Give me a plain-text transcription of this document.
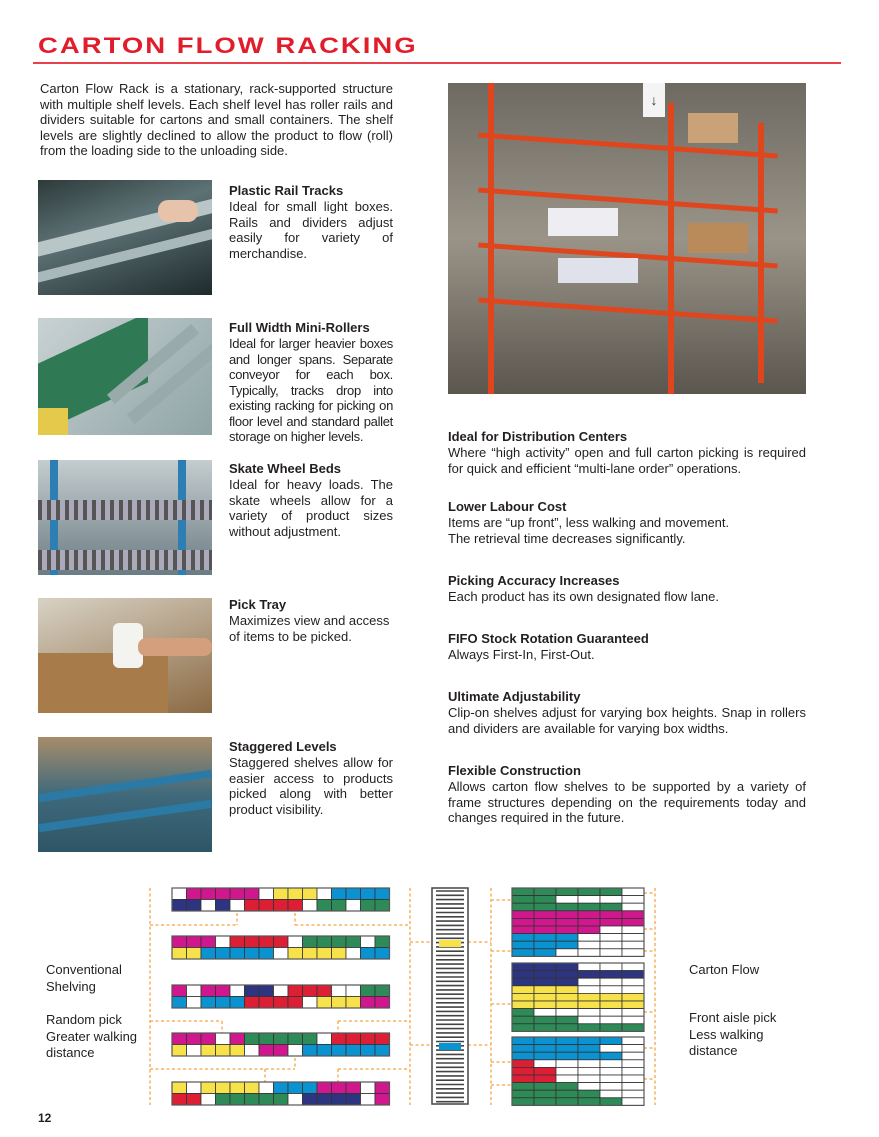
CARTON FLOW RACKING
Carton Flow Rack is a stationary, rack-supported structure with multiple shelf levels. Each shelf level has roller rails and dividers suitable for cartons and small containers. The shelf levels are slightly declined to allow the product to flow (roll) from the loading side to the unloading side.
Plastic Rail Tracks

Ideal for small light boxes. Rails and dividers adjust easily for variety of merchandise.

Full Width Mini-Rollers

Ideal for larger heavier boxes and longer spans. Separate conveyor for each box. Typically, tracks drop into existing racking for picking on floor level and standard pallet storage on higher levels.

Skate Wheel Beds

Ideal for heavy loads. The skate wheels allow for a variety of product sizes without adjustment.

Pick Tray

Maximizes view and access of items to be picked.

Staggered Levels

Staggered shelves allow for easier access to products picked along with better product visibility.

↓
Ideal for Distribution Centers

Where “high activity” open and full carton picking is required for quick and efficient “multi-lane order” operations.

Lower Labour Cost

Items are “up front”, less walking and movement.
The retrieval time decreases significantly.

Picking Accuracy Increases

Each product has its own designated flow lane.

FIFO Stock Rotation Guaranteed

Always First-In, First-Out.

Ultimate Adjustability

Clip-on shelves adjust for varying box heights. Snap in rollers and dividers are available for varying box widths.

Flexible Construction

Allows carton flow shelves to be supported by a variety of frame structures depending on the requirements today and changes required in the future.

Conventional Shelving
Random pick Greater walking distance
Carton Flow
Front aisle pick Less walking distance
12
